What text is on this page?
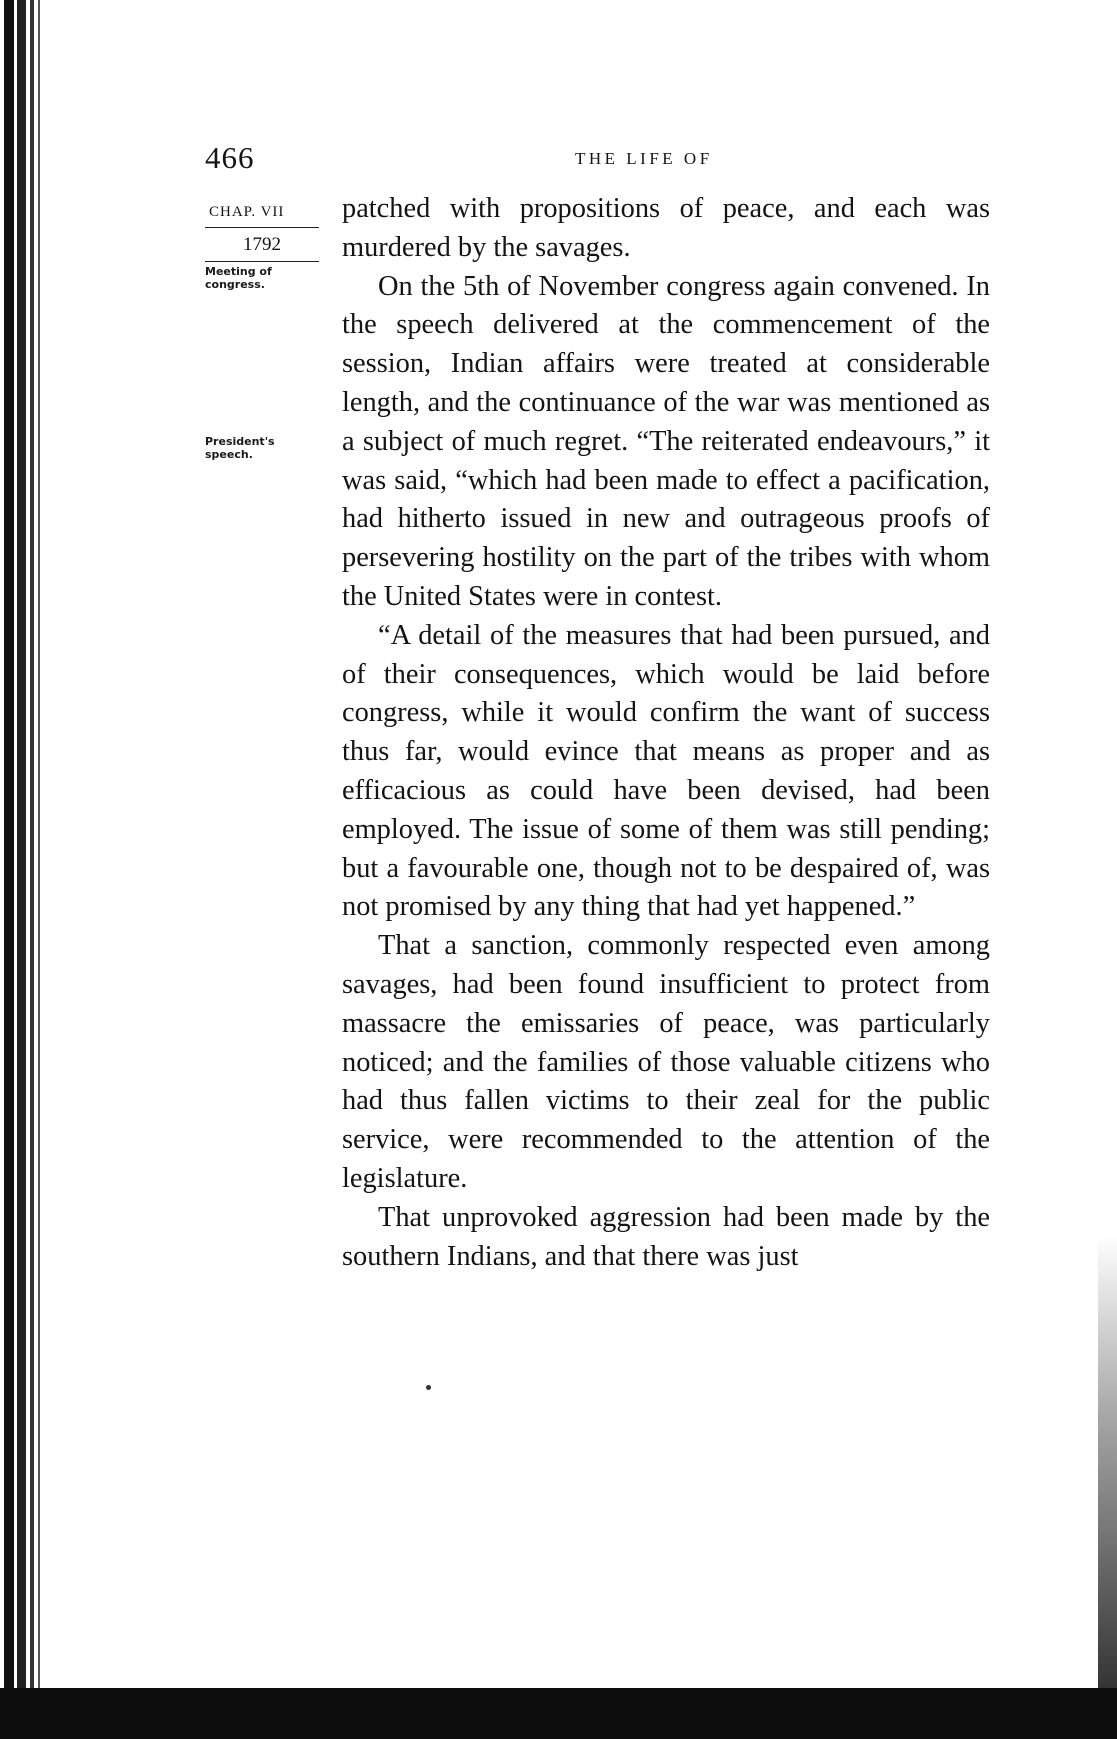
466	THE LIFE OF
CHAP. VII
1792
Meeting of
congress.
President's
speech.

patched with propositions of peace, and each was murdered by the savages.

On the 5th of November congress again convened. In the speech delivered at the commencement of the session, Indian affairs were treated at considerable length, and the continuance of the war was mentioned as a subject of much regret. “The reiterated endeavours,” it was said, “which had been made to effect a pacification, had hitherto issued in new and outrageous proofs of persevering hostility on the part of the tribes with whom the United States were in contest.

“A detail of the measures that had been pursued, and of their consequences, which would be laid before congress, while it would confirm the want of success thus far, would evince that means as proper and as efficacious as could have been devised, had been employed. The issue of some of them was still pending; but a favourable one, though not to be despaired of, was not promised by any thing that had yet happened.”

That a sanction, commonly respected even among savages, had been found insufficient to protect from massacre the emissaries of peace, was particularly noticed; and the families of those valuable citizens who had thus fallen victims to their zeal for the public service, were recommended to the attention of the legislature.

That unprovoked aggression had been made by the southern Indians, and that there was just
